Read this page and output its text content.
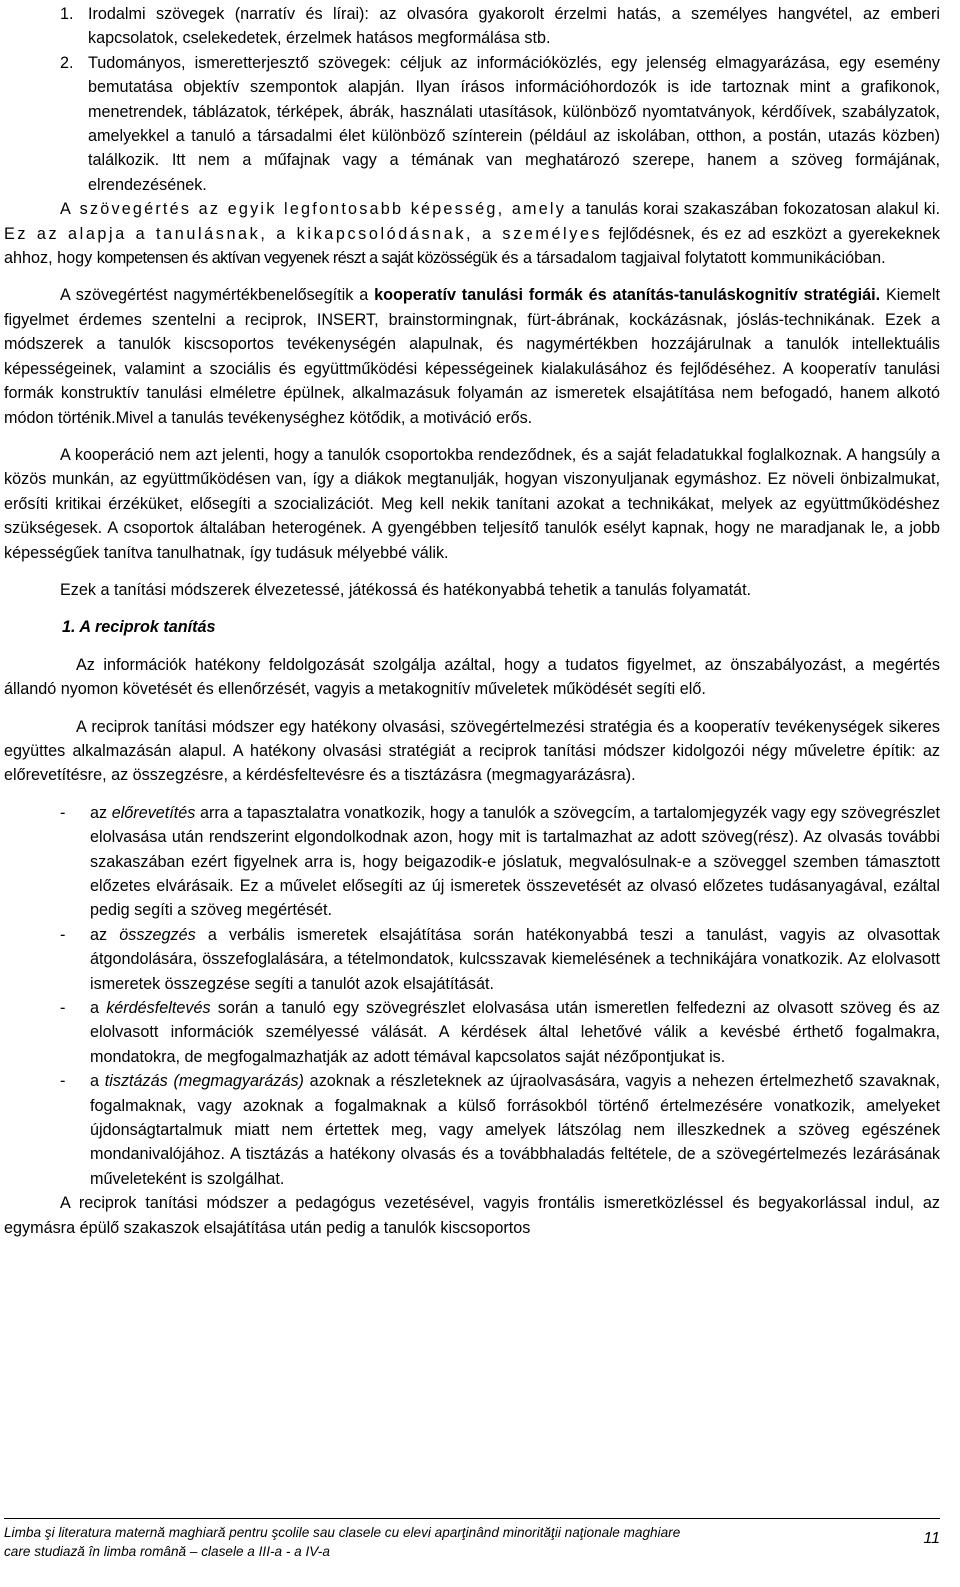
1. Irodalmi szövegek (narratív és lírai): az olvasóra gyakorolt érzelmi hatás, a személyes hangvétel, az emberi kapcsolatok, cselekedetek, érzelmek hatásos megformálása stb.
2. Tudományos, ismeretterjesztő szövegek: céljuk az információközlés, egy jelenség elmagyarázása, egy esemény bemutatása objektív szempontok alapján. Ilyan írásos információhordozók is ide tartoznak mint a grafikonok, menetrendek, táblázatok, térképek, ábrák, használati utasítások, különböző nyomtatványok, kérdőívek, szabályzatok, amelyekkel a tanuló a társadalmi élet különböző színterein (például az iskolában, otthon, a postán, utazás közben) találkozik. Itt nem a műfajnak vagy a témának van meghatározó szerepe, hanem a szöveg formájának, elrendezésének.

A szövegértés az egyik legfontosabb képesség, amely a tanulás korai szakaszában fokozatosan alakul ki. Ez az alapja a tanulásnak, a kikapcsolódásnak, a személyes fejlődésnek, és ez ad eszközt a gyerekeknek ahhoz, hogy kompetensen és aktívan vegyenek részt a saját közösségük és a társadalom tagjaival folytatott kommunikációban.

A szövegértést nagymértékbenelősegítik a kooperatív tanulási formák és atanítás-tanuláskognitív stratégiái. Kiemelt figyelmet érdemes szentelni a reciprok, INSERT, brainstormingnak, fürt-ábrának, kockázásnak, jóslás-technikának. Ezek a módszerek a tanulók kiscsoportos tevékenységén alapulnak, és nagymértékben hozzájárulnak a tanulók intellektuális képességeinek, valamint a szociális és együttműködési képességeinek kialakulásához és fejlődéséhez. A kooperatív tanulási formák konstruktív tanulási elméletre épülnek, alkalmazásuk folyamán az ismeretek elsajátítása nem befogadó, hanem alkotó módon történik.Mivel a tanulás tevékenységhez kötődik, a motiváció erős.

A kooperáció nem azt jelenti, hogy a tanulók csoportokba rendeződnek, és a saját feladatukkal foglalkoznak. A hangsúly a közös munkán, az együttműködésen van, így a diákok megtanulják, hogyan viszonyuljanak egymáshoz. Ez növeli önbizalmukat, erősíti kritikai érzéküket, elősegíti a szocializációt. Meg kell nekik tanítani azokat a technikákat, melyek az együttműködéshez szükségesek. A csoportok általában heterogének. A gyengébben teljesítő tanulók esélyt kapnak, hogy ne maradjanak le, a jobb képességűek tanítva tanulhatnak, így tudásuk mélyebbé válik.

Ezek a tanítási módszerek élvezetessé, játékossá és hatékonyabbá tehetik a tanulás folyamatát.

1. A reciprok tanítás

Az információk hatékony feldolgozását szolgálja azáltal, hogy a tudatos figyelmet, az önszabályozást, a megértés állandó nyomon követését és ellenőrzését, vagyis a metakognitív műveletek működését segíti elő.

A reciprok tanítási módszer egy hatékony olvasási, szövegértelmezési stratégia és a kooperatív tevékenységek sikeres együttes alkalmazásán alapul. A hatékony olvasási stratégiát a reciprok tanítási módszer kidolgozói négy műveletre építik: az előrevetítésre, az összegzésre, a kérdésfeltevésre és a tisztázásra (megmagyarázásra).

- az előrevetítés arra a tapasztalatra vonatkozik, hogy a tanulók a szövegcím, a tartalomjegyzék vagy egy szövegrészlet elolvasása után rendszerint elgondolkodnak azon, hogy mit is tartalmazhat az adott szöveg(rész). Az olvasás további szakaszában ezért figyelnek arra is, hogy beigazodik-e jóslatuk, megvalósulnak-e a szöveggel szemben támasztott előzetes elvárásaik. Ez a művelet elősegíti az új ismeretek összevetését az olvasó előzetes tudásanyagával, ezáltal pedig segíti a szöveg megértését.
- az összegzés a verbális ismeretek elsajátítása során hatékonyabbá teszi a tanulást, vagyis az olvasottak átgondolására, összefoglalására, a tételmondatok, kulcsszavak kiemelésének a technikájára vonatkozik. Az elolvasott ismeretek összegzése segíti a tanulót azok elsajátítását.
- a kérdésfeltevés során a tanuló egy szövegrészlet elolvasása után ismeretlen felfedezni az olvasott szöveg és az elolvasott információk személyessé válását. A kérdések által lehetővé válik a kevésbé érthető fogalmakra, mondatokra, de megfogalmazhatják az adott témával kapcsolatos saját nézőpontjukat is.
- a tisztázás (megmagyarázás) azoknak a részleteknek az újraolvasására, vagyis a nehezen értelmezhető szavaknak, fogalmaknak, vagy azoknak a fogalmaknak a külső forrásokból történő értelmezésére vonatkozik, amelyeket újdonságtartalmuk miatt nem értettek meg, vagy amelyek látszólag nem illeszkednek a szöveg egészének mondanivalójához. A tisztázás a hatékony olvasás és a továbbhaladás feltétele, de a szövegértelmezés lezárásának műveleteként is szolgálhat.

A reciprok tanítási módszer a pedagógus vezetésével, vagyis frontális ismeretközléssel és begyakorlással indul, az egymásra épülő szakaszok elsajátítása után pedig a tanulók kiscsoportos

Limba şi literatura maternă maghiară pentru şcolile sau clasele cu elevi aparţinând minorităţii naţionale maghiare
care studiază în limba română – clasele a III-a - a IV-a
11
